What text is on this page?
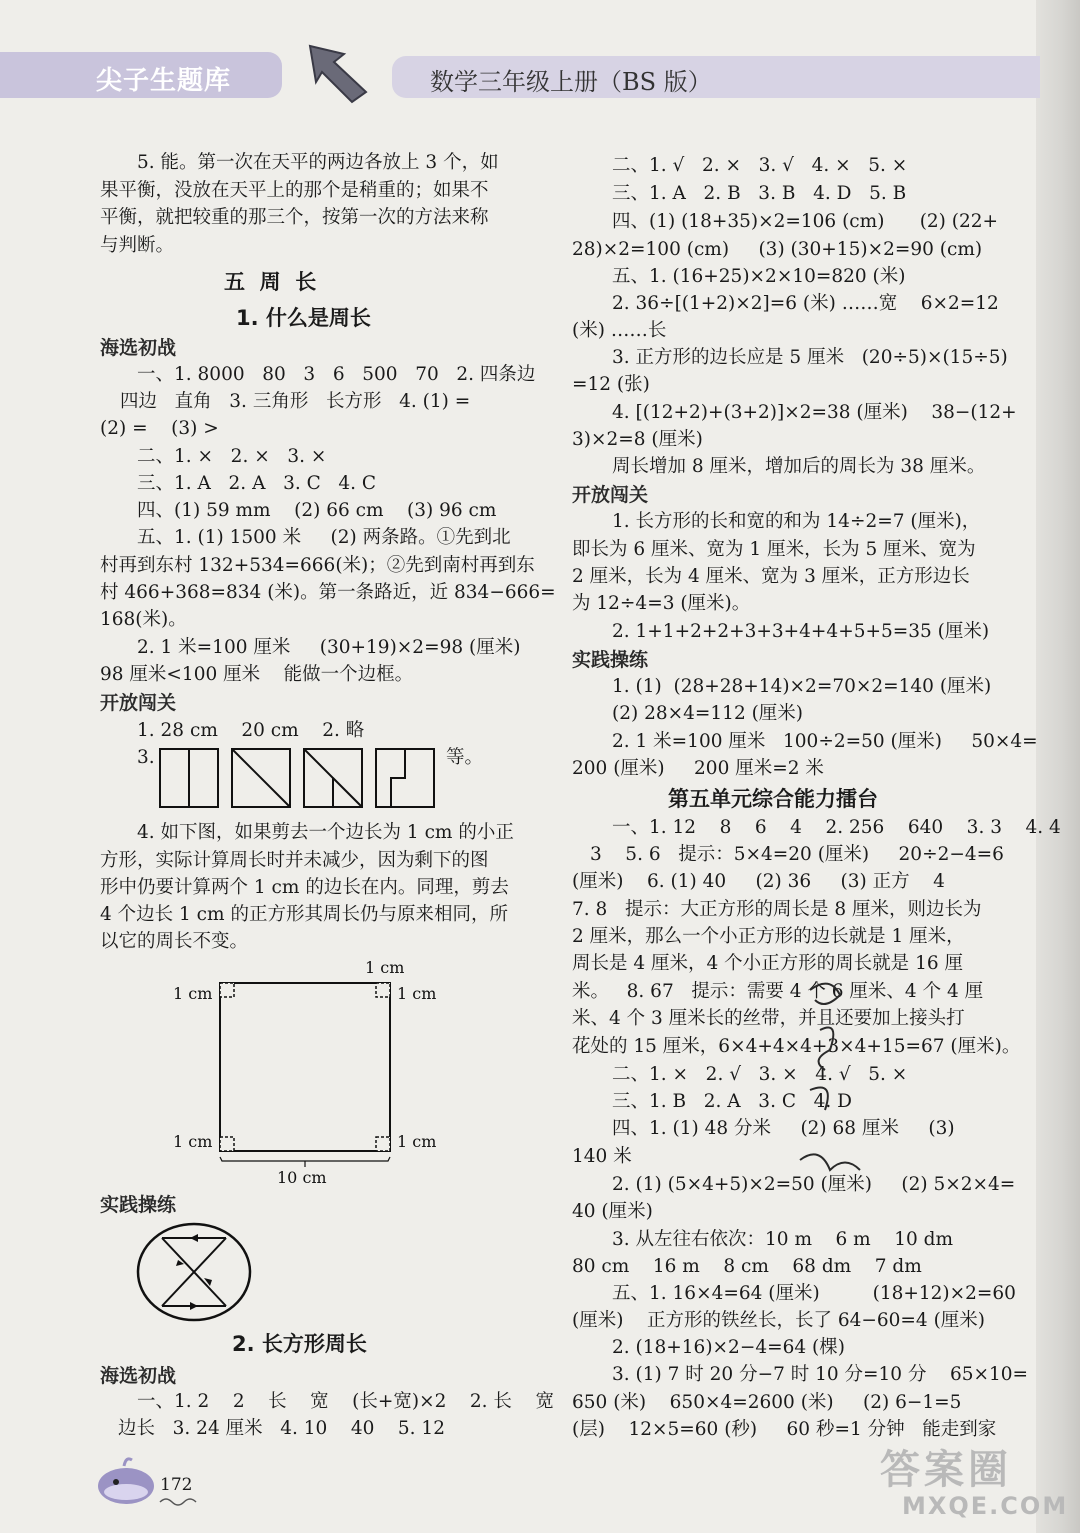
尖子生题库	数学三年级上册（BS 版）
5. 能。第一次在天平的两边各放上 3 个，如
果平衡，没放在天平上的那个是稍重的；如果不
平衡，就把较重的那三个，按第一次的方法来称
与判断。
五  周  长
1. 什么是周长
海选初战
一、1. 8000   80   3   6   500   70   2. 四条边
四边   直角   3. 三角形   长方形   4. (1) =
(2) =    (3) >
二、1. ×   2. ×   3. ×
三、1. A   2. A   3. C   4. C
四、(1) 59 mm    (2) 66 cm    (3) 96 cm
五、1. (1) 1500 米     (2) 两条路。①先到北
村再到东村 132+534=666(米)；②先到南村再到东
村 466+368=834 (米)。第一条路近，近 834−666=
168(米)。
2. 1 米=100 厘米     (30+19)×2=98 (厘米)
98 厘米<100 厘米    能做一个边框。
开放闯关
1. 28 cm    20 cm    2. 略
3.	等。
4. 如下图，如果剪去一个边长为 1 cm 的小正
方形，实际计算周长时并未减少，因为剩下的图
形中仍要计算两个 1 cm 的边长在内。同理，剪去
4 个边长 1 cm 的正方形其周长仍与原来相同，所
以它的周长不变。
1 cm
1 cm	1 cm
1 cm	1 cm
10 cm
实践操练
2. 长方形周长
海选初战
一、1. 2    2    长    宽    (长+宽)×2    2. 长    宽
边长   3. 24 厘米   4. 10    40    5. 12
172
二、1. √   2. ×   3. √   4. ×   5. ×
三、1. A   2. B   3. B   4. D   5. B
四、(1) (18+35)×2=106 (cm)      (2) (22+
28)×2=100 (cm)     (3) (30+15)×2=90 (cm)
五、1. (16+25)×2×10=820 (米)
2. 36÷[(1+2)×2]=6 (米) ……宽    6×2=12
(米) ……长
3. 正方形的边长应是 5 厘米   (20÷5)×(15÷5)
=12 (张)
4. [(12+2)+(3+2)]×2=38 (厘米)    38−(12+
3)×2=8 (厘米)
周长增加 8 厘米，增加后的周长为 38 厘米。
开放闯关
1. 长方形的长和宽的和为 14÷2=7 (厘米)，
即长为 6 厘米、宽为 1 厘米，长为 5 厘米、宽为
2 厘米，长为 4 厘米、宽为 3 厘米，正方形边长
为 12÷4=3 (厘米)。
2. 1+1+2+2+3+3+4+4+5+5=35 (厘米)
实践操练
1. (1)  (28+28+14)×2=70×2=140 (厘米)
(2) 28×4=112 (厘米)
2. 1 米=100 厘米   100÷2=50 (厘米)     50×4=
200 (厘米)     200 厘米=2 米
第五单元综合能力擂台
一、1. 12    8    6    4    2. 256    640    3. 3    4. 4
3    5. 6   提示：5×4=20 (厘米)     20÷2−4=6
(厘米)    6. (1) 40     (2) 36     (3) 正方    4
7. 8   提示：大正方形的周长是 8 厘米，则边长为
2 厘米，那么一个小正方形的边长就是 1 厘米，
周长是 4 厘米，4 个小正方形的周长就是 16 厘
米。   8. 67   提示：需要 4 个 6 厘米、4 个 4 厘
米、4 个 3 厘米长的丝带，并且还要加上接头打
花处的 15 厘米，6×4+4×4+3×4+15=67 (厘米)。
二、1. ×   2. √   3. ×   4. √   5. ×
三、1. B   2. A   3. C   4. D
四、1. (1) 48 分米     (2) 68 厘米     (3)
140 米
2. (1) (5×4+5)×2=50 (厘米)     (2) 5×2×4=
40 (厘米)
3. 从左往右依次：10 m    6 m    10 dm
80 cm    16 m    8 cm    68 dm    7 dm
五、1. 16×4=64 (厘米)         (18+12)×2=60
(厘米)    正方形的铁丝长，长了 64−60=4 (厘米)
2. (18+16)×2−4=64 (棵)
3. (1) 7 时 20 分−7 时 10 分=10 分    65×10=
650 (米)    650×4=2600 (米)     (2) 6−1=5
(层)    12×5=60 (秒)     60 秒=1 分钟   能走到家
答案圈
MXQE.COM
